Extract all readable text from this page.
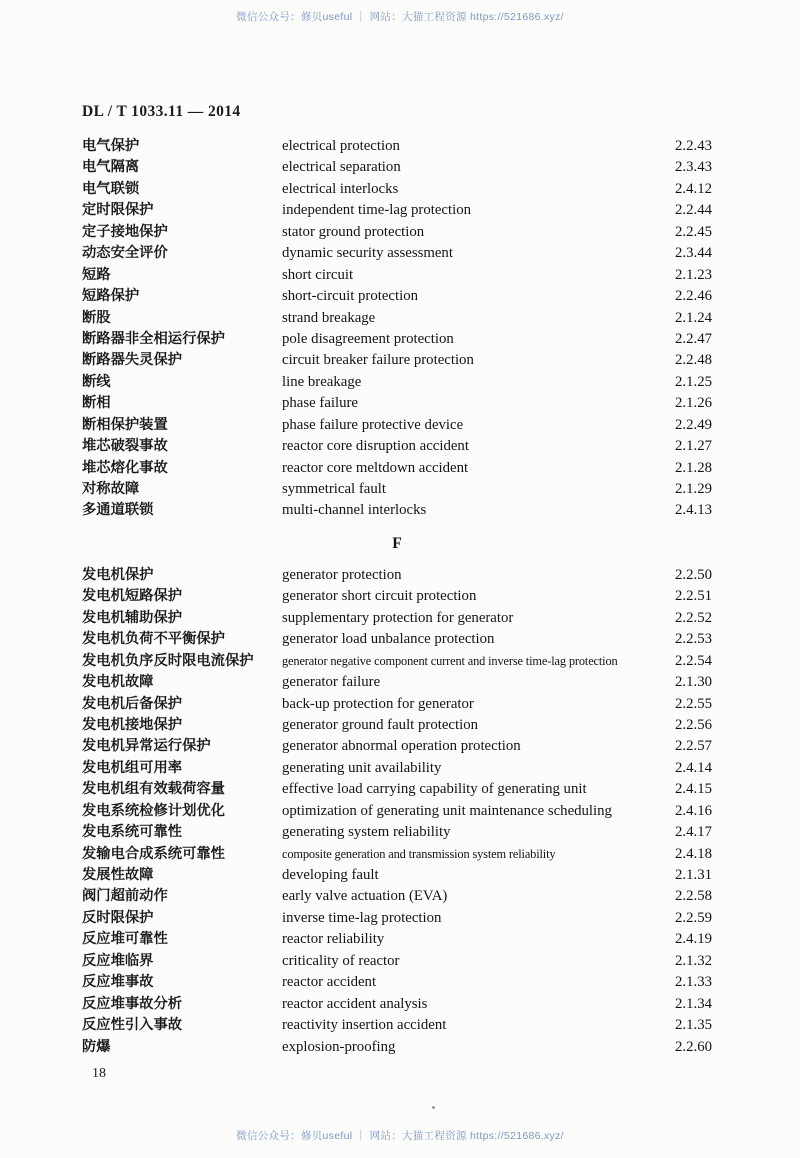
微信公众号：修贝useful ｜ 网站：大猫工程资源 https://521686.xyz/
DL / T 1033.11 — 2014
电气保护	electrical protection	2.2.43
电气隔离	electrical separation	2.3.43
电气联锁	electrical interlocks	2.4.12
定时限保护	independent time-lag protection	2.2.44
定子接地保护	stator ground protection	2.2.45
动态安全评价	dynamic security assessment	2.3.44
短路	short circuit	2.1.23
短路保护	short-circuit protection	2.2.46
断股	strand breakage	2.1.24
断路器非全相运行保护	pole disagreement protection	2.2.47
断路器失灵保护	circuit breaker failure protection	2.2.48
断线	line breakage	2.1.25
断相	phase failure	2.1.26
断相保护装置	phase failure protective device	2.2.49
堆芯破裂事故	reactor core disruption accident	2.1.27
堆芯熔化事故	reactor core meltdown accident	2.1.28
对称故障	symmetrical fault	2.1.29
多通道联锁	multi-channel interlocks	2.4.13
F
发电机保护	generator protection	2.2.50
发电机短路保护	generator short circuit protection	2.2.51
发电机辅助保护	supplementary protection for generator	2.2.52
发电机负荷不平衡保护	generator load unbalance protection	2.2.53
发电机负序反时限电流保护	generator negative component current and inverse time-lag protection	2.2.54
发电机故障	generator failure	2.1.30
发电机后备保护	back-up protection for generator	2.2.55
发电机接地保护	generator ground fault protection	2.2.56
发电机异常运行保护	generator abnormal operation protection	2.2.57
发电机组可用率	generating unit availability	2.4.14
发电机组有效载荷容量	effective load carrying capability of generating unit	2.4.15
发电系统检修计划优化	optimization of generating unit maintenance scheduling	2.4.16
发电系统可靠性	generating system reliability	2.4.17
发输电合成系统可靠性	composite generation and transmission system reliability	2.4.18
发展性故障	developing fault	2.1.31
阀门超前动作	early valve actuation (EVA)	2.2.58
反时限保护	inverse time-lag protection	2.2.59
反应堆可靠性	reactor reliability	2.4.19
反应堆临界	criticality of reactor	2.1.32
反应堆事故	reactor accident	2.1.33
反应堆事故分析	reactor accident analysis	2.1.34
反应性引入事故	reactivity insertion accident	2.1.35
防爆	explosion-proofing	2.2.60
18
微信公众号：修贝useful ｜ 网站：大猫工程资源 https://521686.xyz/
